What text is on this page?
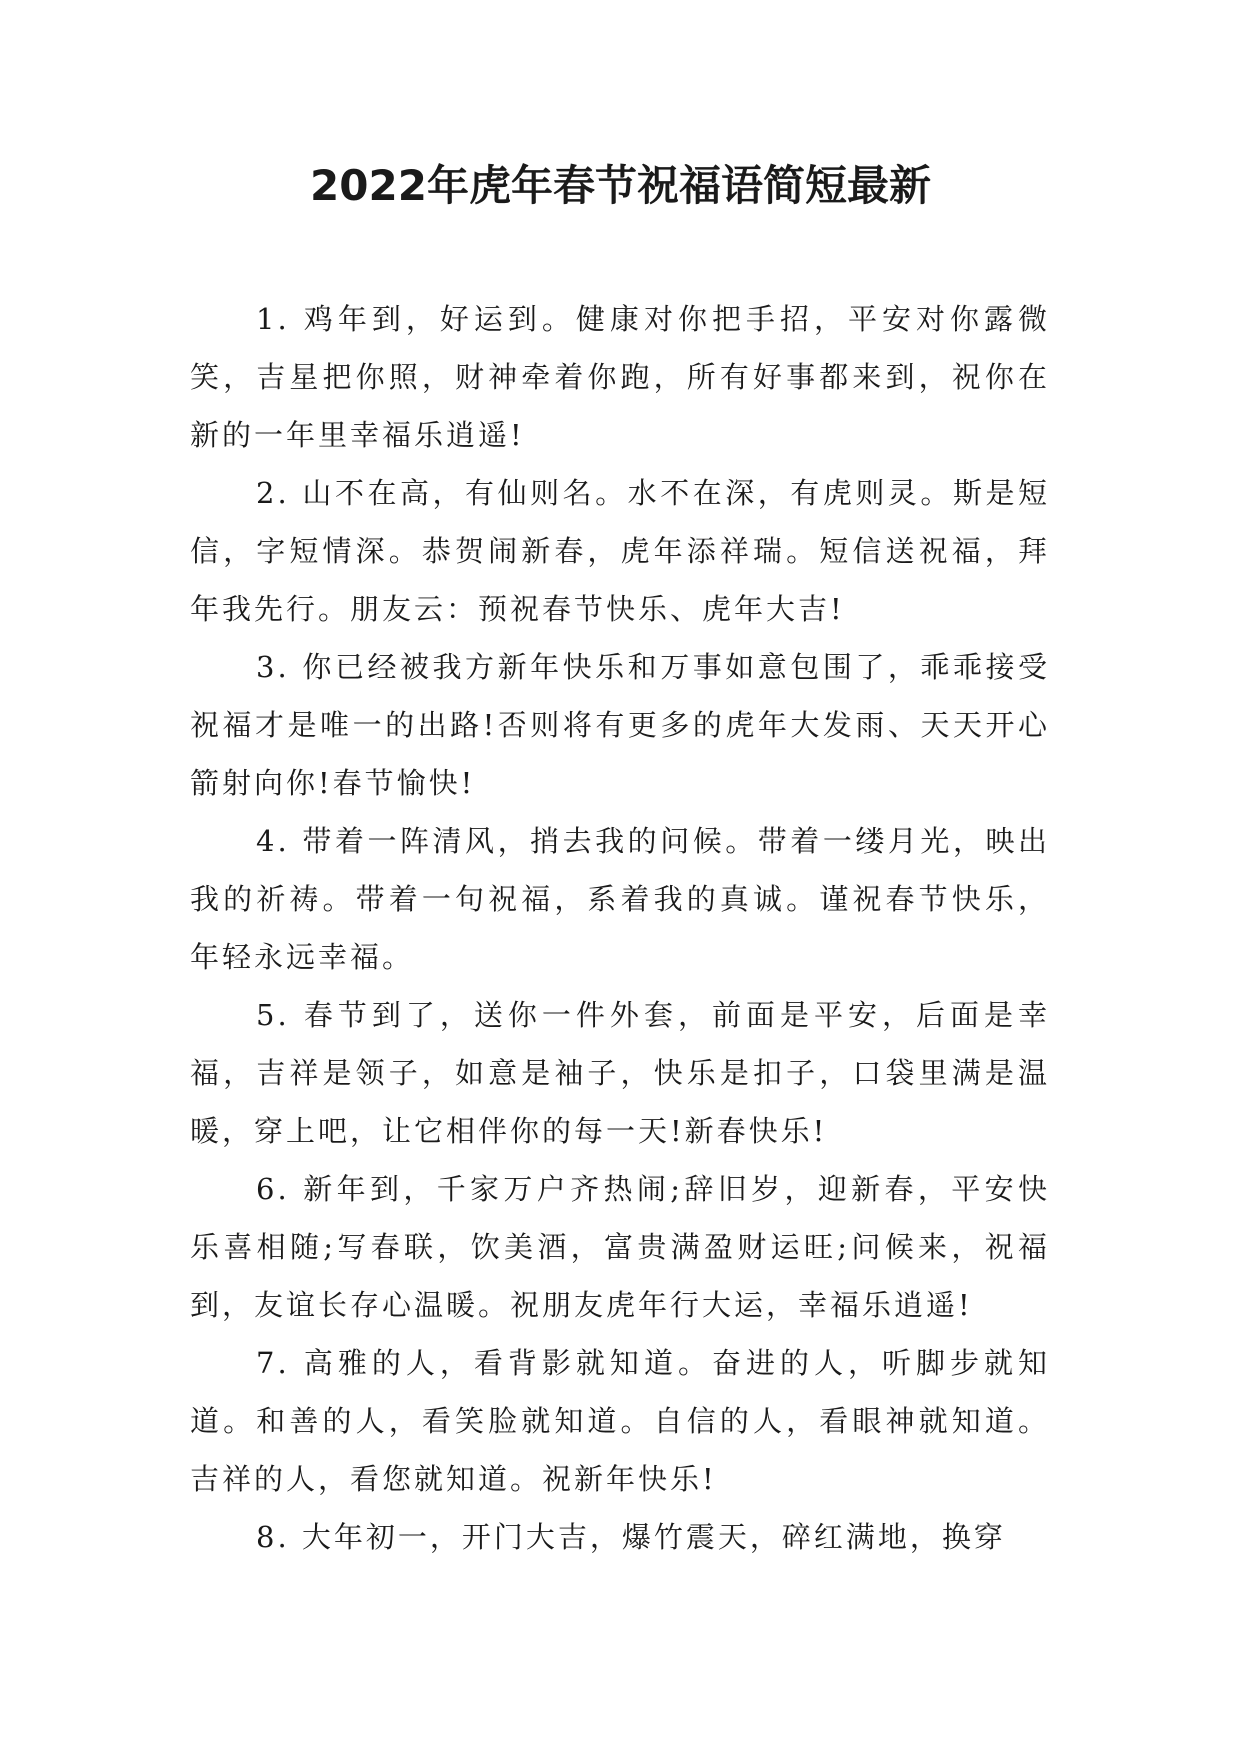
2022年虎年春节祝福语简短最新

1. 鸡年到，好运到。健康对你把手招，平安对你露微笑，吉星把你照，财神牵着你跑，所有好事都来到，祝你在新的一年里幸福乐逍遥!

2. 山不在高，有仙则名。水不在深，有虎则灵。斯是短信，字短情深。恭贺闹新春，虎年添祥瑞。短信送祝福，拜年我先行。朋友云：预祝春节快乐、虎年大吉!

3. 你已经被我方新年快乐和万事如意包围了，乖乖接受祝福才是唯一的出路!否则将有更多的虎年大发雨、天天开心箭射向你!春节愉快!

4. 带着一阵清风，捎去我的问候。带着一缕月光，映出我的祈祷。带着一句祝福，系着我的真诚。谨祝春节快乐，年轻永远幸福。

5. 春节到了，送你一件外套，前面是平安，后面是幸福，吉祥是领子，如意是袖子，快乐是扣子，口袋里满是温暖，穿上吧，让它相伴你的每一天!新春快乐!

6. 新年到，千家万户齐热闹;辞旧岁，迎新春，平安快乐喜相随;写春联，饮美酒，富贵满盈财运旺;问候来，祝福到，友谊长存心温暖。祝朋友虎年行大运，幸福乐逍遥!

7. 高雅的人，看背影就知道。奋进的人，听脚步就知道。和善的人，看笑脸就知道。自信的人，看眼神就知道。吉祥的人，看您就知道。祝新年快乐!

8. 大年初一，开门大吉，爆竹震天，碎红满地，换穿
